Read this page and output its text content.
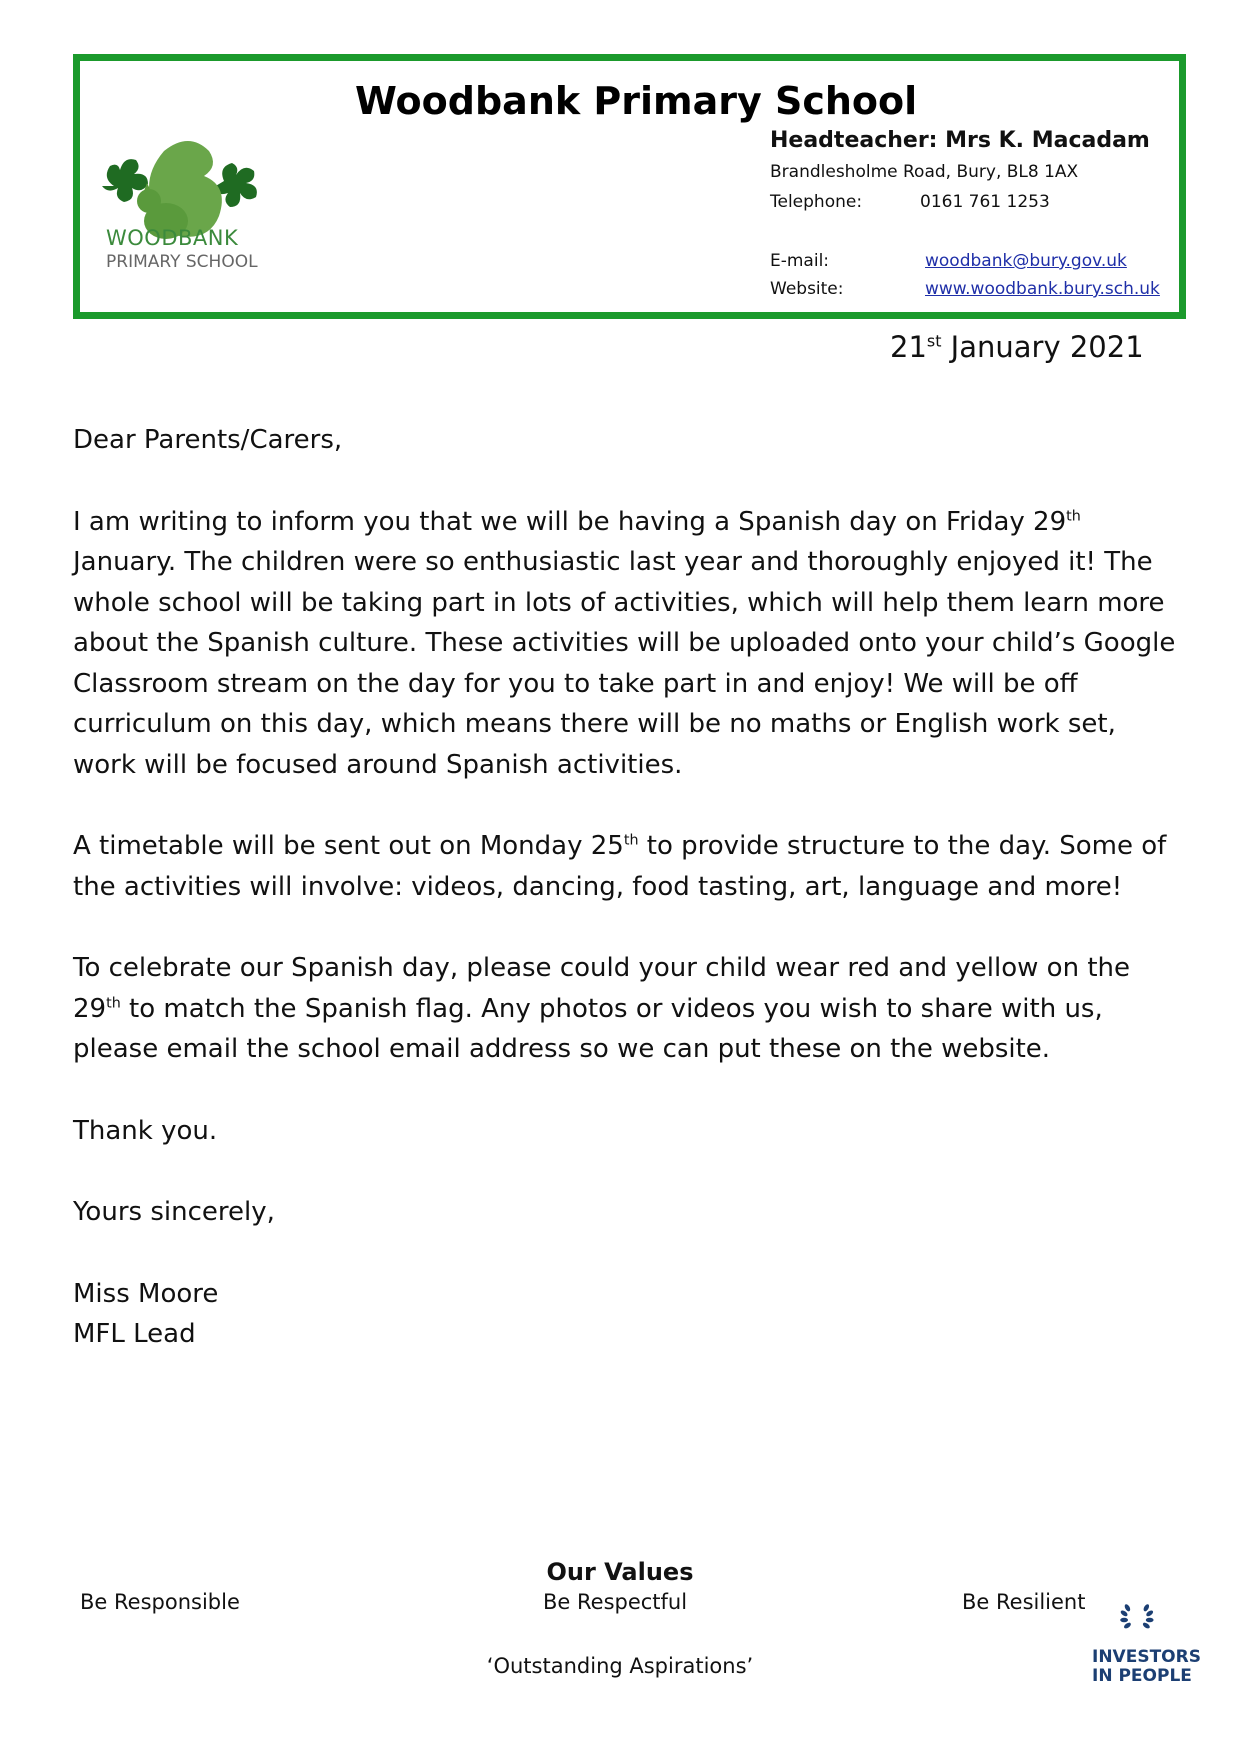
WOODBANK
PRIMARY SCHOOL
Woodbank Primary School
Headteacher: Mrs K. Macadam
Brandlesholme Road, Bury, BL8 1AX
Telephone:	0161 761 1253
E-mail:	woodbank@bury.gov.uk
Website:	www.woodbank.bury.sch.uk
21st January 2021

Dear Parents/Carers,

I am writing to inform you that we will be having a Spanish day on Friday 29th January. The children were so enthusiastic last year and thoroughly enjoyed it! The whole school will be taking part in lots of activities, which will help them learn more about the Spanish culture. These activities will be uploaded onto your child’s Google Classroom stream on the day for you to take part in and enjoy! We will be off curriculum on this day, which means there will be no maths or English work set, work will be focused around Spanish activities.

A timetable will be sent out on Monday 25th to provide structure to the day. Some of the activities will involve: videos, dancing, food tasting, art, language and more!

To celebrate our Spanish day, please could your child wear red and yellow on the 29th to match the Spanish flag. Any photos or videos you wish to share with us, please email the school email address so we can put these on the website.

Thank you.

Yours sincerely,

Miss Moore

MFL Lead

Our Values
Be Responsible	Be Respectful	Be Resilient
‘Outstanding Aspirations’	INVESTORS
IN PEOPLE
